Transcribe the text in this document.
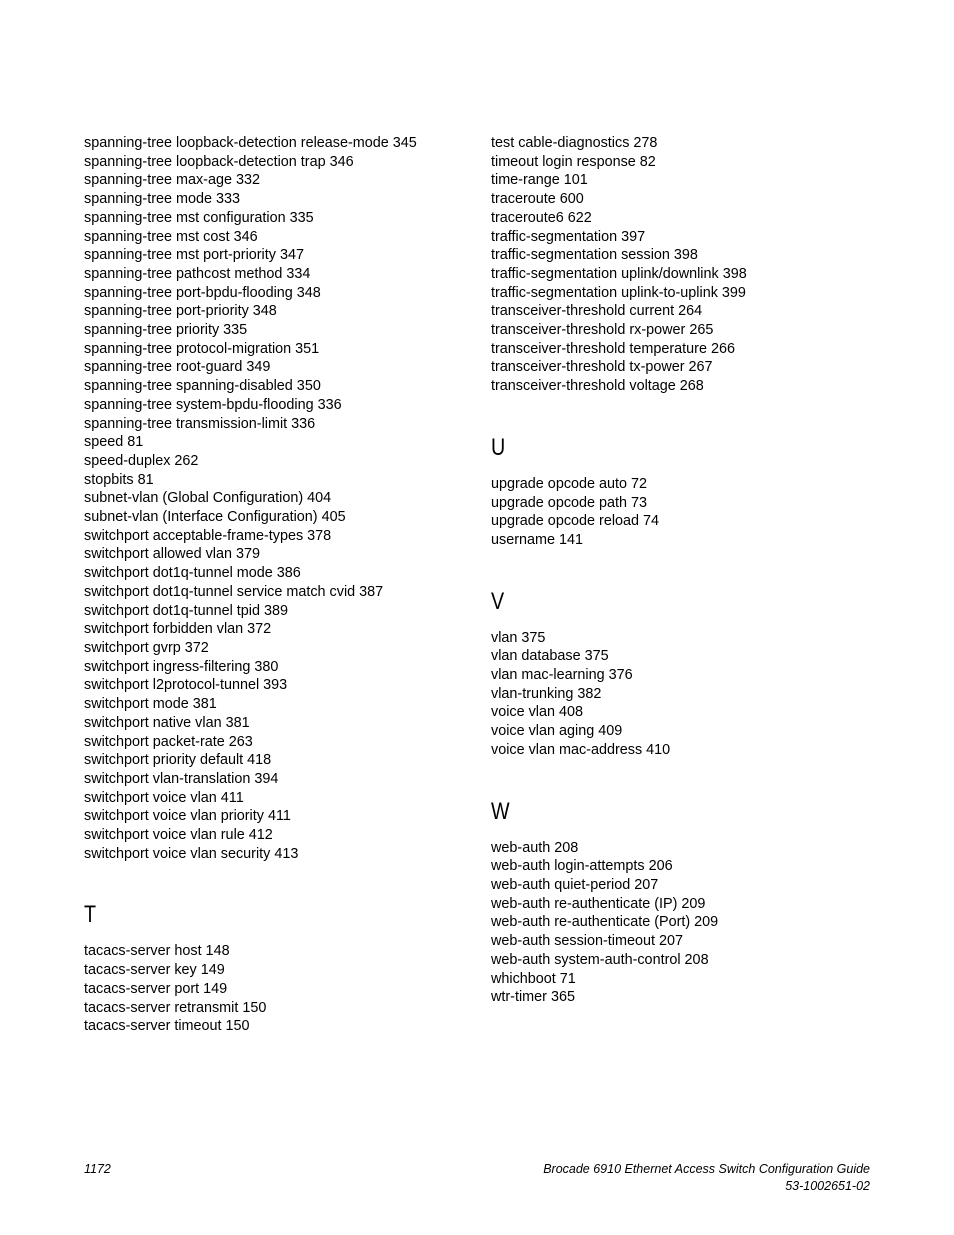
spanning-tree loopback-detection release-mode 345
spanning-tree loopback-detection trap 346
spanning-tree max-age 332
spanning-tree mode 333
spanning-tree mst configuration 335
spanning-tree mst cost 346
spanning-tree mst port-priority 347
spanning-tree pathcost method 334
spanning-tree port-bpdu-flooding 348
spanning-tree port-priority 348
spanning-tree priority 335
spanning-tree protocol-migration 351
spanning-tree root-guard 349
spanning-tree spanning-disabled 350
spanning-tree system-bpdu-flooding 336
spanning-tree transmission-limit 336
speed 81
speed-duplex 262
stopbits 81
subnet-vlan (Global Configuration) 404
subnet-vlan (Interface Configuration) 405
switchport acceptable-frame-types 378
switchport allowed vlan 379
switchport dot1q-tunnel mode 386
switchport dot1q-tunnel service match cvid 387
switchport dot1q-tunnel tpid 389
switchport forbidden vlan 372
switchport gvrp 372
switchport ingress-filtering 380
switchport l2protocol-tunnel 393
switchport mode 381
switchport native vlan 381
switchport packet-rate 263
switchport priority default 418
switchport vlan-translation 394
switchport voice vlan 411
switchport voice vlan priority 411
switchport voice vlan rule 412
switchport voice vlan security 413
T
tacacs-server host 148
tacacs-server key 149
tacacs-server port 149
tacacs-server retransmit 150
tacacs-server timeout 150
test cable-diagnostics 278
timeout login response 82
time-range 101
traceroute 600
traceroute6 622
traffic-segmentation 397
traffic-segmentation session 398
traffic-segmentation uplink/downlink 398
traffic-segmentation uplink-to-uplink 399
transceiver-threshold current 264
transceiver-threshold rx-power 265
transceiver-threshold temperature 266
transceiver-threshold tx-power 267
transceiver-threshold voltage 268
U
upgrade opcode auto 72
upgrade opcode path 73
upgrade opcode reload 74
username 141
V
vlan 375
vlan database 375
vlan mac-learning 376
vlan-trunking 382
voice vlan 408
voice vlan aging 409
voice vlan mac-address 410
W
web-auth 208
web-auth login-attempts 206
web-auth quiet-period 207
web-auth re-authenticate (IP) 209
web-auth re-authenticate (Port) 209
web-auth session-timeout 207
web-auth system-auth-control 208
whichboot 71
wtr-timer 365
1172	Brocade 6910 Ethernet Access Switch Configuration Guide
53-1002651-02
